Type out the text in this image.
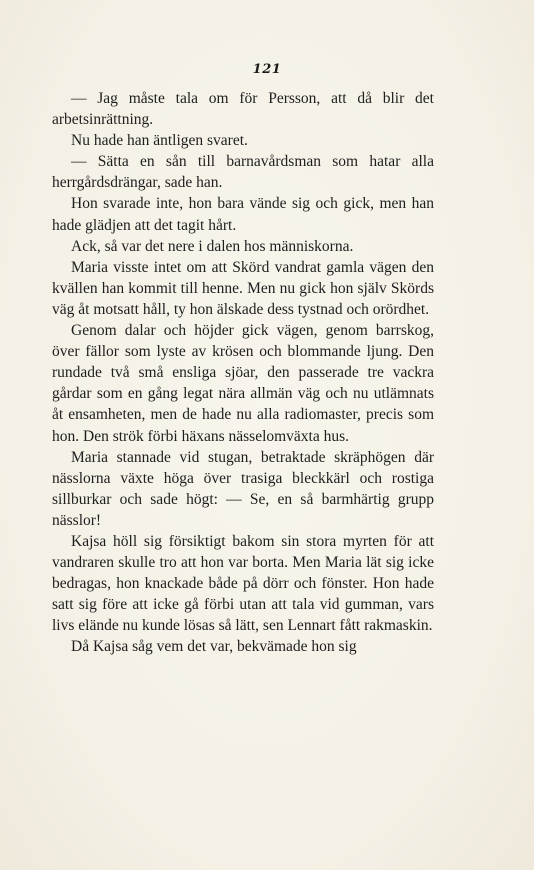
121

— Jag måste tala om för Persson, att då blir det arbetsinrättning.

Nu hade han äntligen svaret.

— Sätta en sån till barnavårdsman som hatar alla herrgårdsdrängar, sade han.

Hon svarade inte, hon bara vände sig och gick, men han hade glädjen att det tagit hårt.

Ack, så var det nere i dalen hos människorna.

Maria visste intet om att Skörd vandrat gamla vägen den kvällen han kommit till henne. Men nu gick hon själv Skörds väg åt motsatt håll, ty hon älskade dess tystnad och orördhet.

Genom dalar och höjder gick vägen, genom barrskog, över fällor som lyste av krösen och blommande ljung. Den rundade två små ensliga sjöar, den passerade tre vackra gårdar som en gång legat nära allmän väg och nu utlämnats åt ensamheten, men de hade nu alla radiomaster, precis som hon. Den strök förbi häxans nässelomväxta hus.

Maria stannade vid stugan, betraktade skräphögen där nässlorna växte höga över trasiga bleckkärl och rostiga sillburkar och sade högt: — Se, en så barmhärtig grupp nässlor!

Kajsa höll sig försiktigt bakom sin stora myrten för att vandraren skulle tro att hon var borta. Men Maria lät sig icke bedragas, hon knackade både på dörr och fönster. Hon hade satt sig före att icke gå förbi utan att tala vid gumman, vars livs elände nu kunde lösas så lätt, sen Lennart fått rakmaskin.

Då Kajsa såg vem det var, bekvämade hon sig
